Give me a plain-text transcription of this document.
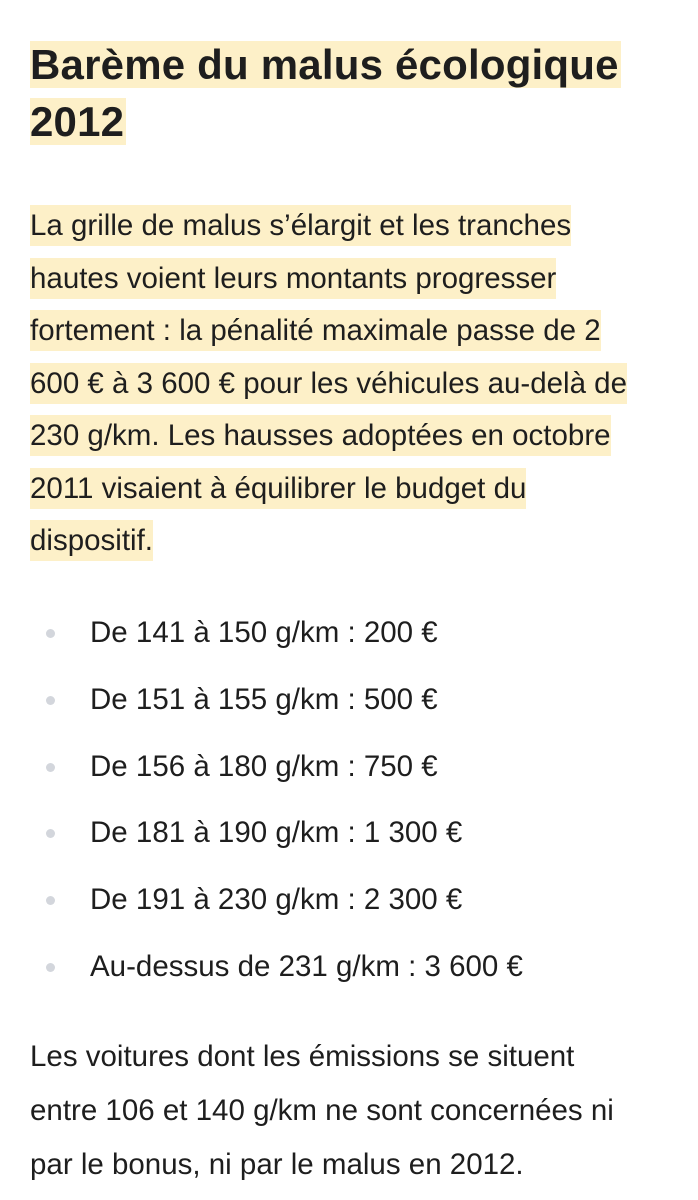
Barème du malus écologique
2012

La grille de malus s’élargit et les tranches
hautes voient leurs montants progresser
fortement : la pénalité maximale passe de 2
600 € à 3 600 € pour les véhicules au-delà de
230 g/km. Les hausses adoptées en octobre
2011 visaient à équilibrer le budget du
dispositif.

De 141 à 150 g/km : 200 €
De 151 à 155 g/km : 500 €
De 156 à 180 g/km : 750 €
De 181 à 190 g/km : 1 300 €
De 191 à 230 g/km : 2 300 €
Au-dessus de 231 g/km : 3 600 €

Les voitures dont les émissions se situent
entre 106 et 140 g/km ne sont concernées ni
par le bonus, ni par le malus en 2012.
